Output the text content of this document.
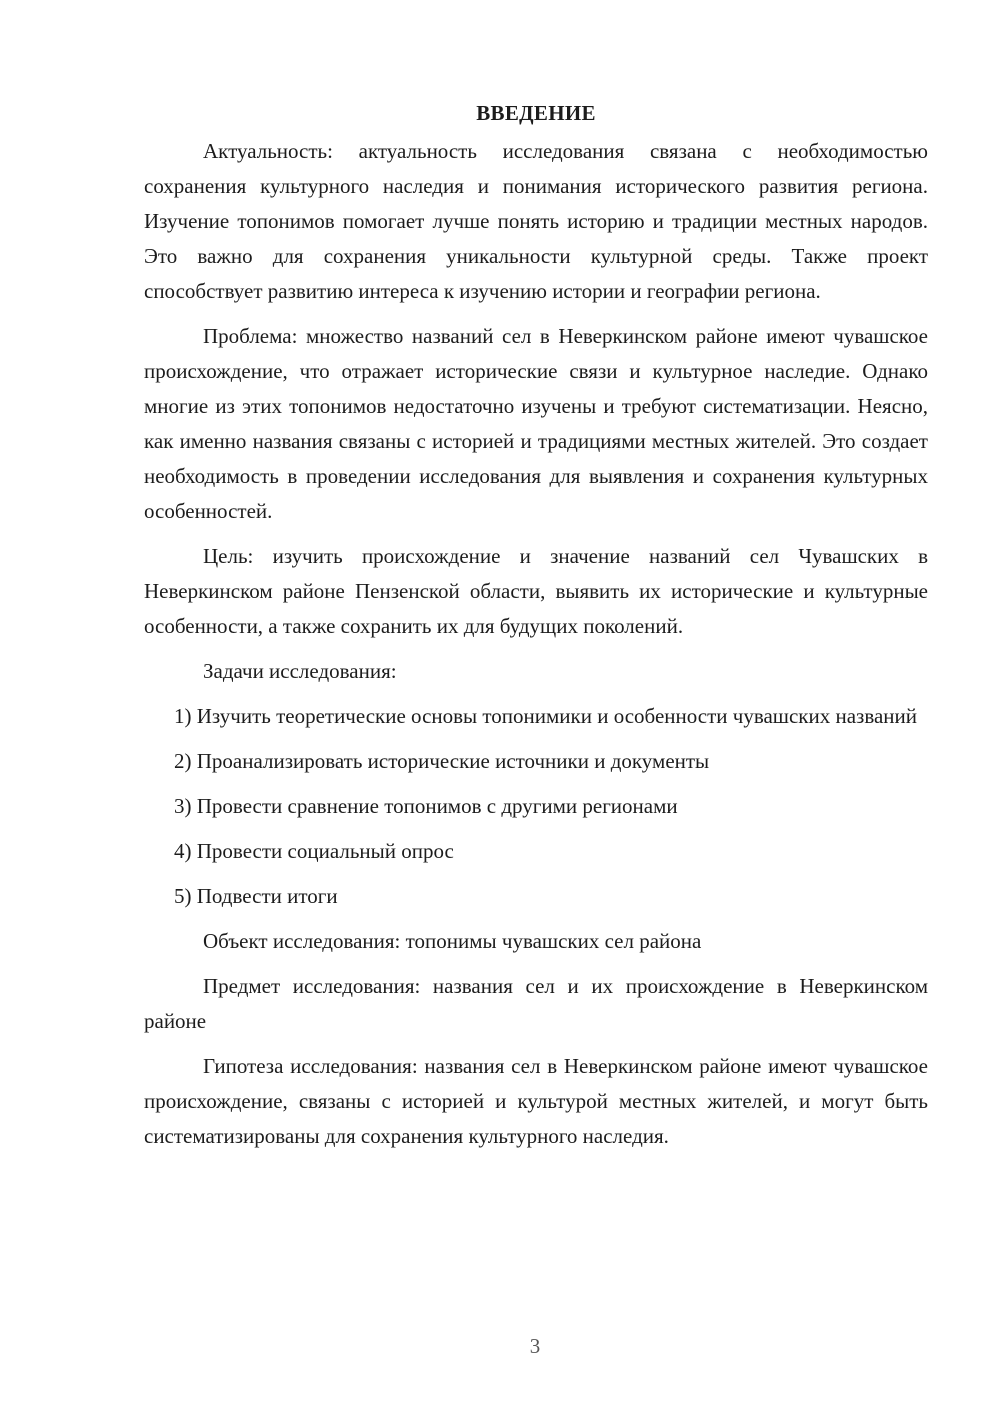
ВВЕДЕНИЕ

Актуальность: актуальность исследования связана с необходимостью сохранения культурного наследия и понимания исторического развития региона. Изучение топонимов помогает лучше понять историю и традиции местных народов. Это важно для сохранения уникальности культурной среды. Также проект способствует развитию интереса к изучению истории и географии региона.

Проблема: множество названий сел в Неверкинском районе имеют чувашское происхождение, что отражает исторические связи и культурное наследие. Однако многие из этих топонимов недостаточно изучены и требуют систематизации. Неясно, как именно названия связаны с историей и традициями местных жителей. Это создает необходимость в проведении исследования для выявления и сохранения культурных особенностей.

Цель: изучить происхождение и значение названий сел Чувашских в Неверкинском районе Пензенской области, выявить их исторические и культурные особенности, а также сохранить их для будущих поколений.

Задачи исследования:

1) Изучить теоретические основы топонимики и особенности чувашских названий

2) Проанализировать исторические источники и документы

3) Провести сравнение топонимов с другими регионами

4) Провести социальный опрос

5) Подвести итоги

Объект исследования: топонимы чувашских сел района

Предмет исследования: названия сел и их происхождение в Неверкинском районе

Гипотеза исследования: названия сел в Неверкинском районе имеют чувашское происхождение, связаны с историей и культурой местных жителей, и могут быть систематизированы для сохранения культурного наследия.

3
